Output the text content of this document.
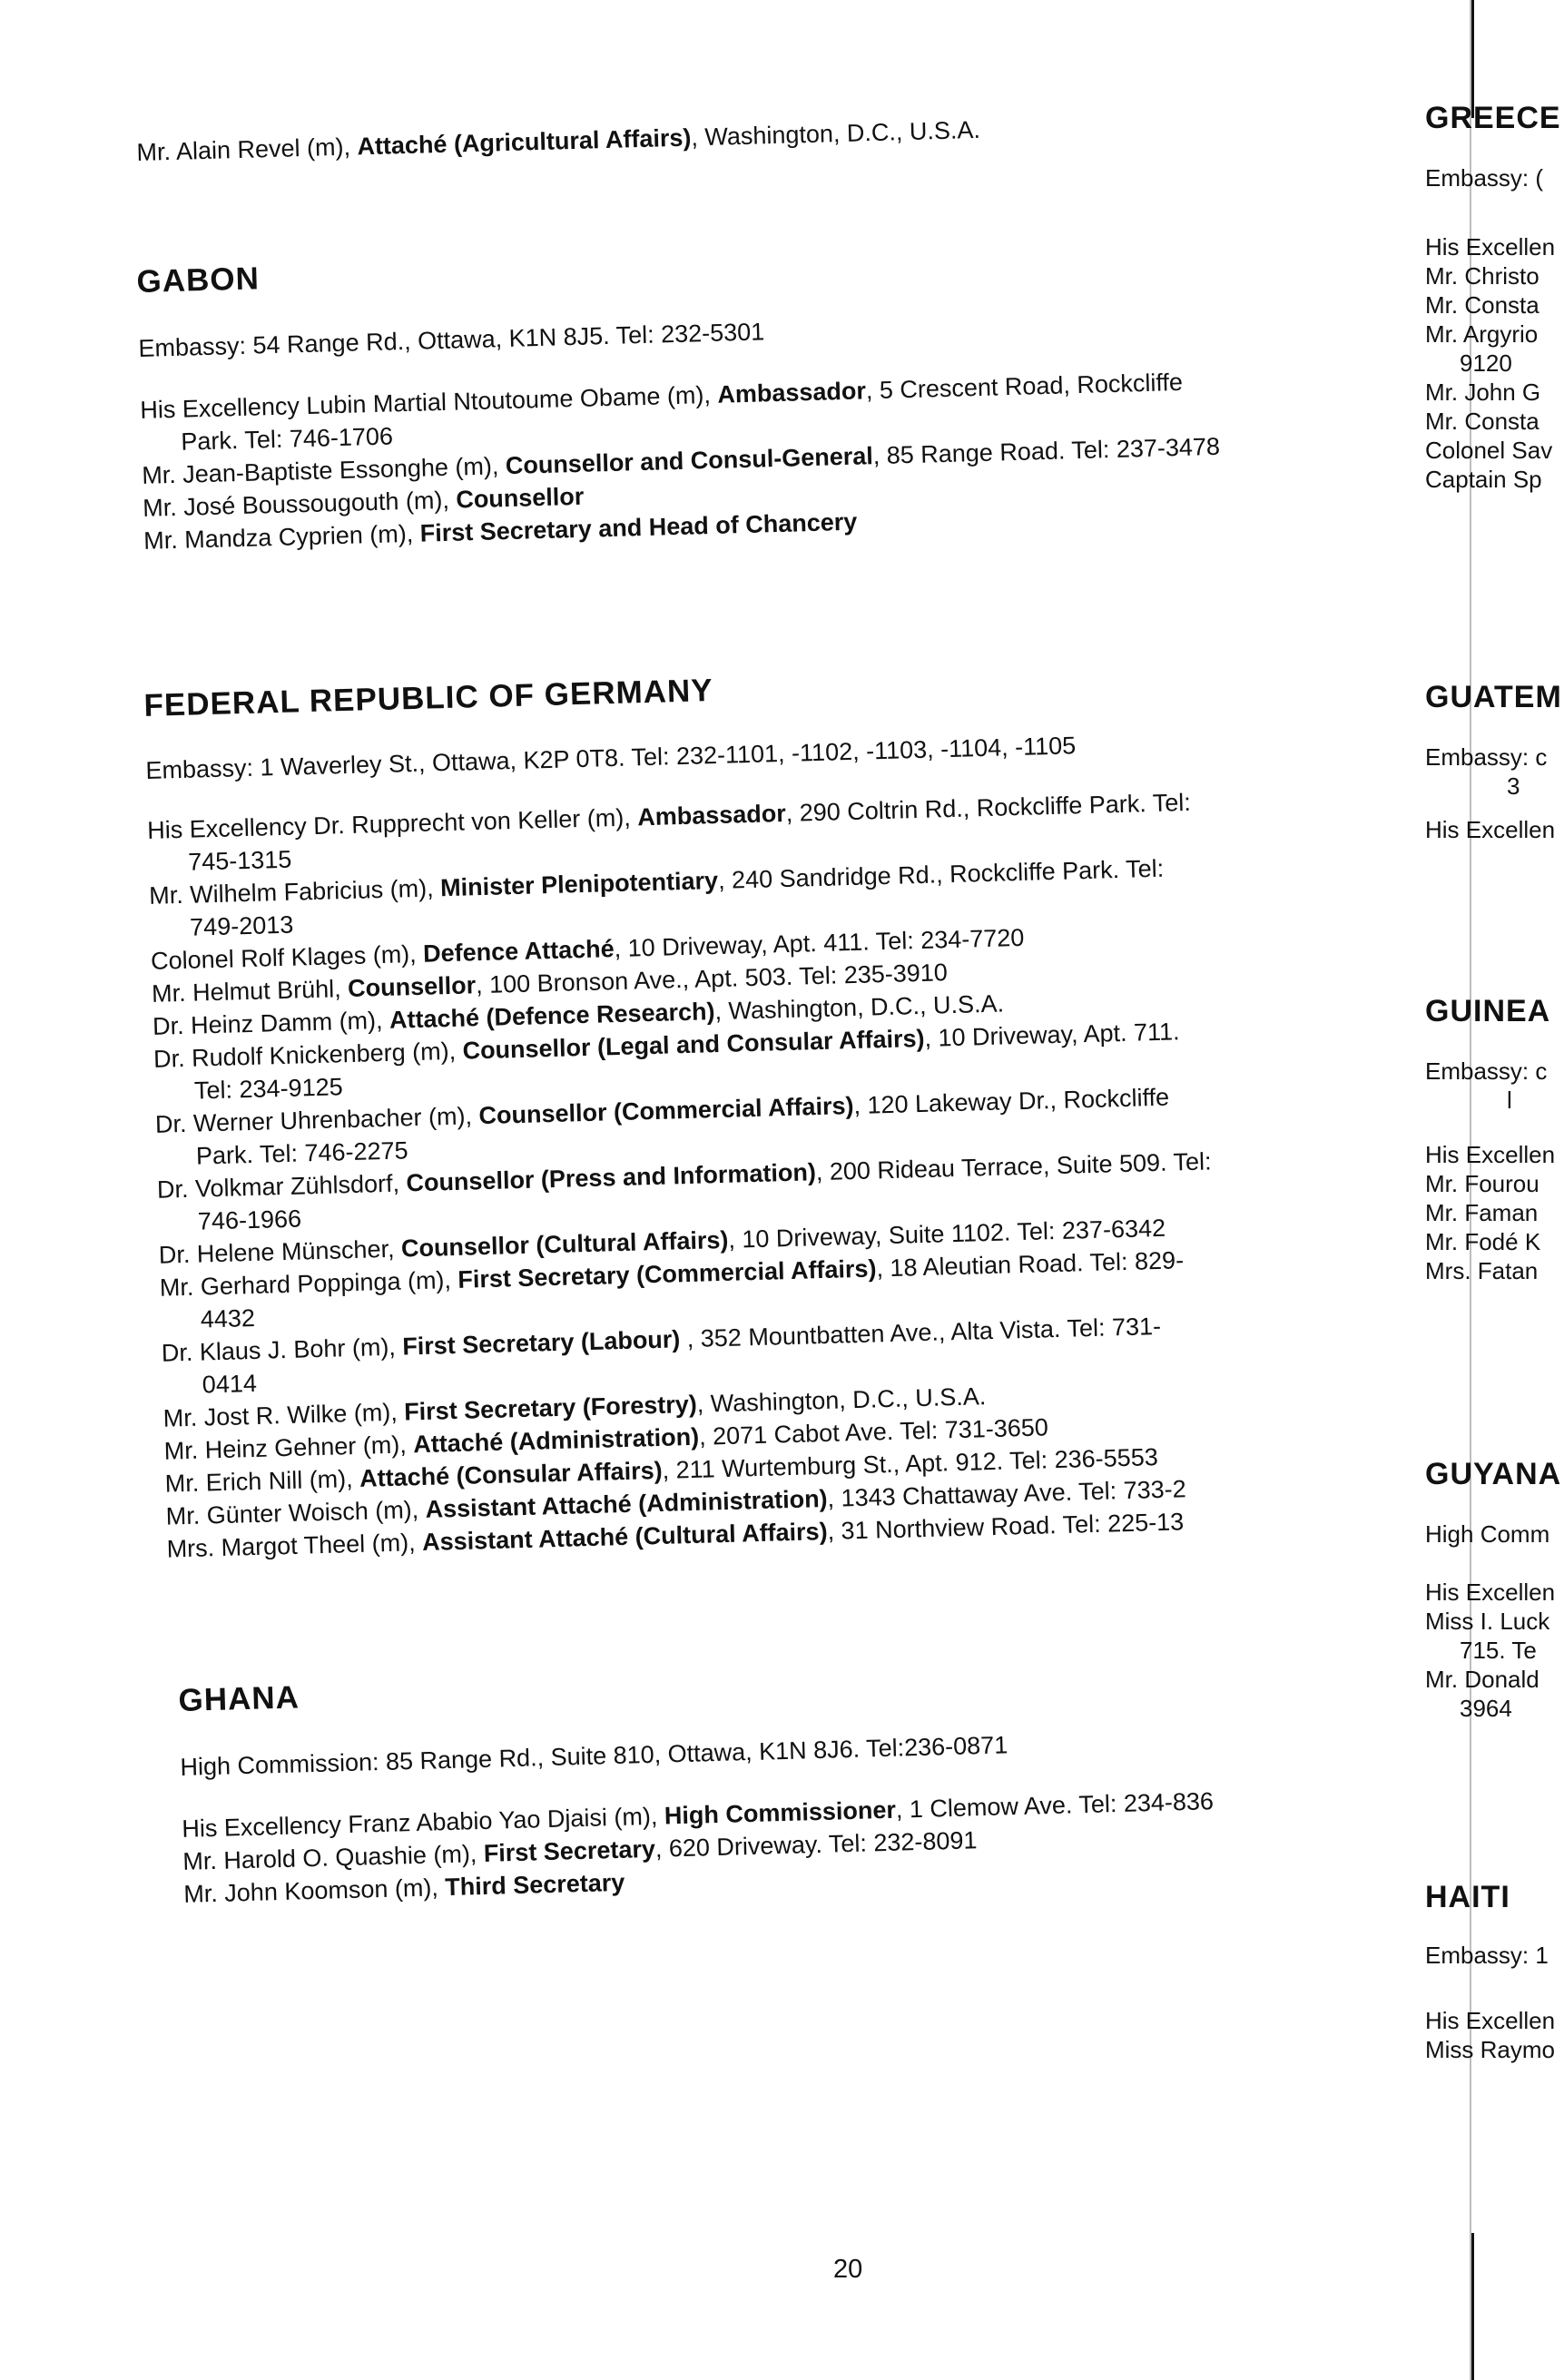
Mr. Alain Revel (m), Attaché (Agricultural Affairs), Washington, D.C., U.S.A.
GABON
Embassy: 54 Range Rd., Ottawa, K1N 8J5. Tel: 232-5301
His Excellency Lubin Martial Ntoutoume Obame (m), Ambassador, 5 Crescent Road, Rockcliffe
Park. Tel: 746-1706
Mr. Jean-Baptiste Essonghe (m), Counsellor and Consul-General, 85 Range Road. Tel: 237-3478
Mr. José Boussougouth (m), Counsellor
Mr. Mandza Cyprien (m), First Secretary and Head of Chancery
FEDERAL REPUBLIC OF GERMANY
Embassy: 1 Waverley St., Ottawa, K2P 0T8. Tel: 232-1101, -1102, -1103, -1104, -1105
His Excellency Dr. Rupprecht von Keller (m), Ambassador, 290 Coltrin Rd., Rockcliffe Park. Tel:
745-1315
Mr. Wilhelm Fabricius (m), Minister Plenipotentiary, 240 Sandridge Rd., Rockcliffe Park. Tel:
749-2013
Colonel Rolf Klages (m), Defence Attaché, 10 Driveway, Apt. 411. Tel: 234-7720
Mr. Helmut Brühl, Counsellor, 100 Bronson Ave., Apt. 503. Tel: 235-3910
Dr. Heinz Damm (m), Attaché (Defence Research), Washington, D.C., U.S.A.
Dr. Rudolf Knickenberg (m), Counsellor (Legal and Consular Affairs), 10 Driveway, Apt. 711.
Tel: 234-9125
Dr. Werner Uhrenbacher (m), Counsellor (Commercial Affairs), 120 Lakeway Dr., Rockcliffe
Park. Tel: 746-2275
Dr. Volkmar Zühlsdorf, Counsellor (Press and Information), 200 Rideau Terrace, Suite 509. Tel:
746-1966
Dr. Helene Münscher, Counsellor (Cultural Affairs), 10 Driveway, Suite 1102. Tel: 237-6342
Mr. Gerhard Poppinga (m), First Secretary (Commercial Affairs), 18 Aleutian Road. Tel: 829-
4432
Dr. Klaus J. Bohr (m), First Secretary (Labour) , 352 Mountbatten Ave., Alta Vista. Tel: 731-
0414
Mr. Jost R. Wilke (m), First Secretary (Forestry), Washington, D.C., U.S.A.
Mr. Heinz Gehner (m), Attaché (Administration), 2071 Cabot Ave. Tel: 731-3650
Mr. Erich Nill (m), Attaché (Consular Affairs), 211 Wurtemburg St., Apt. 912. Tel: 236-5553
Mr. Günter Woisch (m), Assistant Attaché (Administration), 1343 Chattaway Ave. Tel: 733-2
Mrs. Margot Theel (m), Assistant Attaché (Cultural Affairs), 31 Northview Road. Tel: 225-13
GHANA
High Commission: 85 Range Rd., Suite 810, Ottawa, K1N 8J6. Tel:236-0871
His Excellency Franz Ababio Yao Djaisi (m), High Commissioner, 1 Clemow Ave. Tel: 234-836
Mr. Harold O. Quashie (m), First Secretary, 620 Driveway. Tel: 232-8091
Mr. John Koomson (m), Third Secretary
GREECE
Embassy: (
His Excellen
Mr. Christo
Mr. Consta
Mr. Argyrio
9120
Mr. John G
Mr. Consta
Colonel Sav
Captain Sp
GUATEM
Embassy: c
3
His Excellen
GUINEA
Embassy: c
l
His Excellen
Mr. Fourou
Mr. Faman
Mr. Fodé K
Mrs. Fatan
GUYANA
High Comm
His Excellen
Miss I. Luck
715. Te
Mr. Donald
3964
HAITI
Embassy: 1
His Excellen
Miss Raymo
20
